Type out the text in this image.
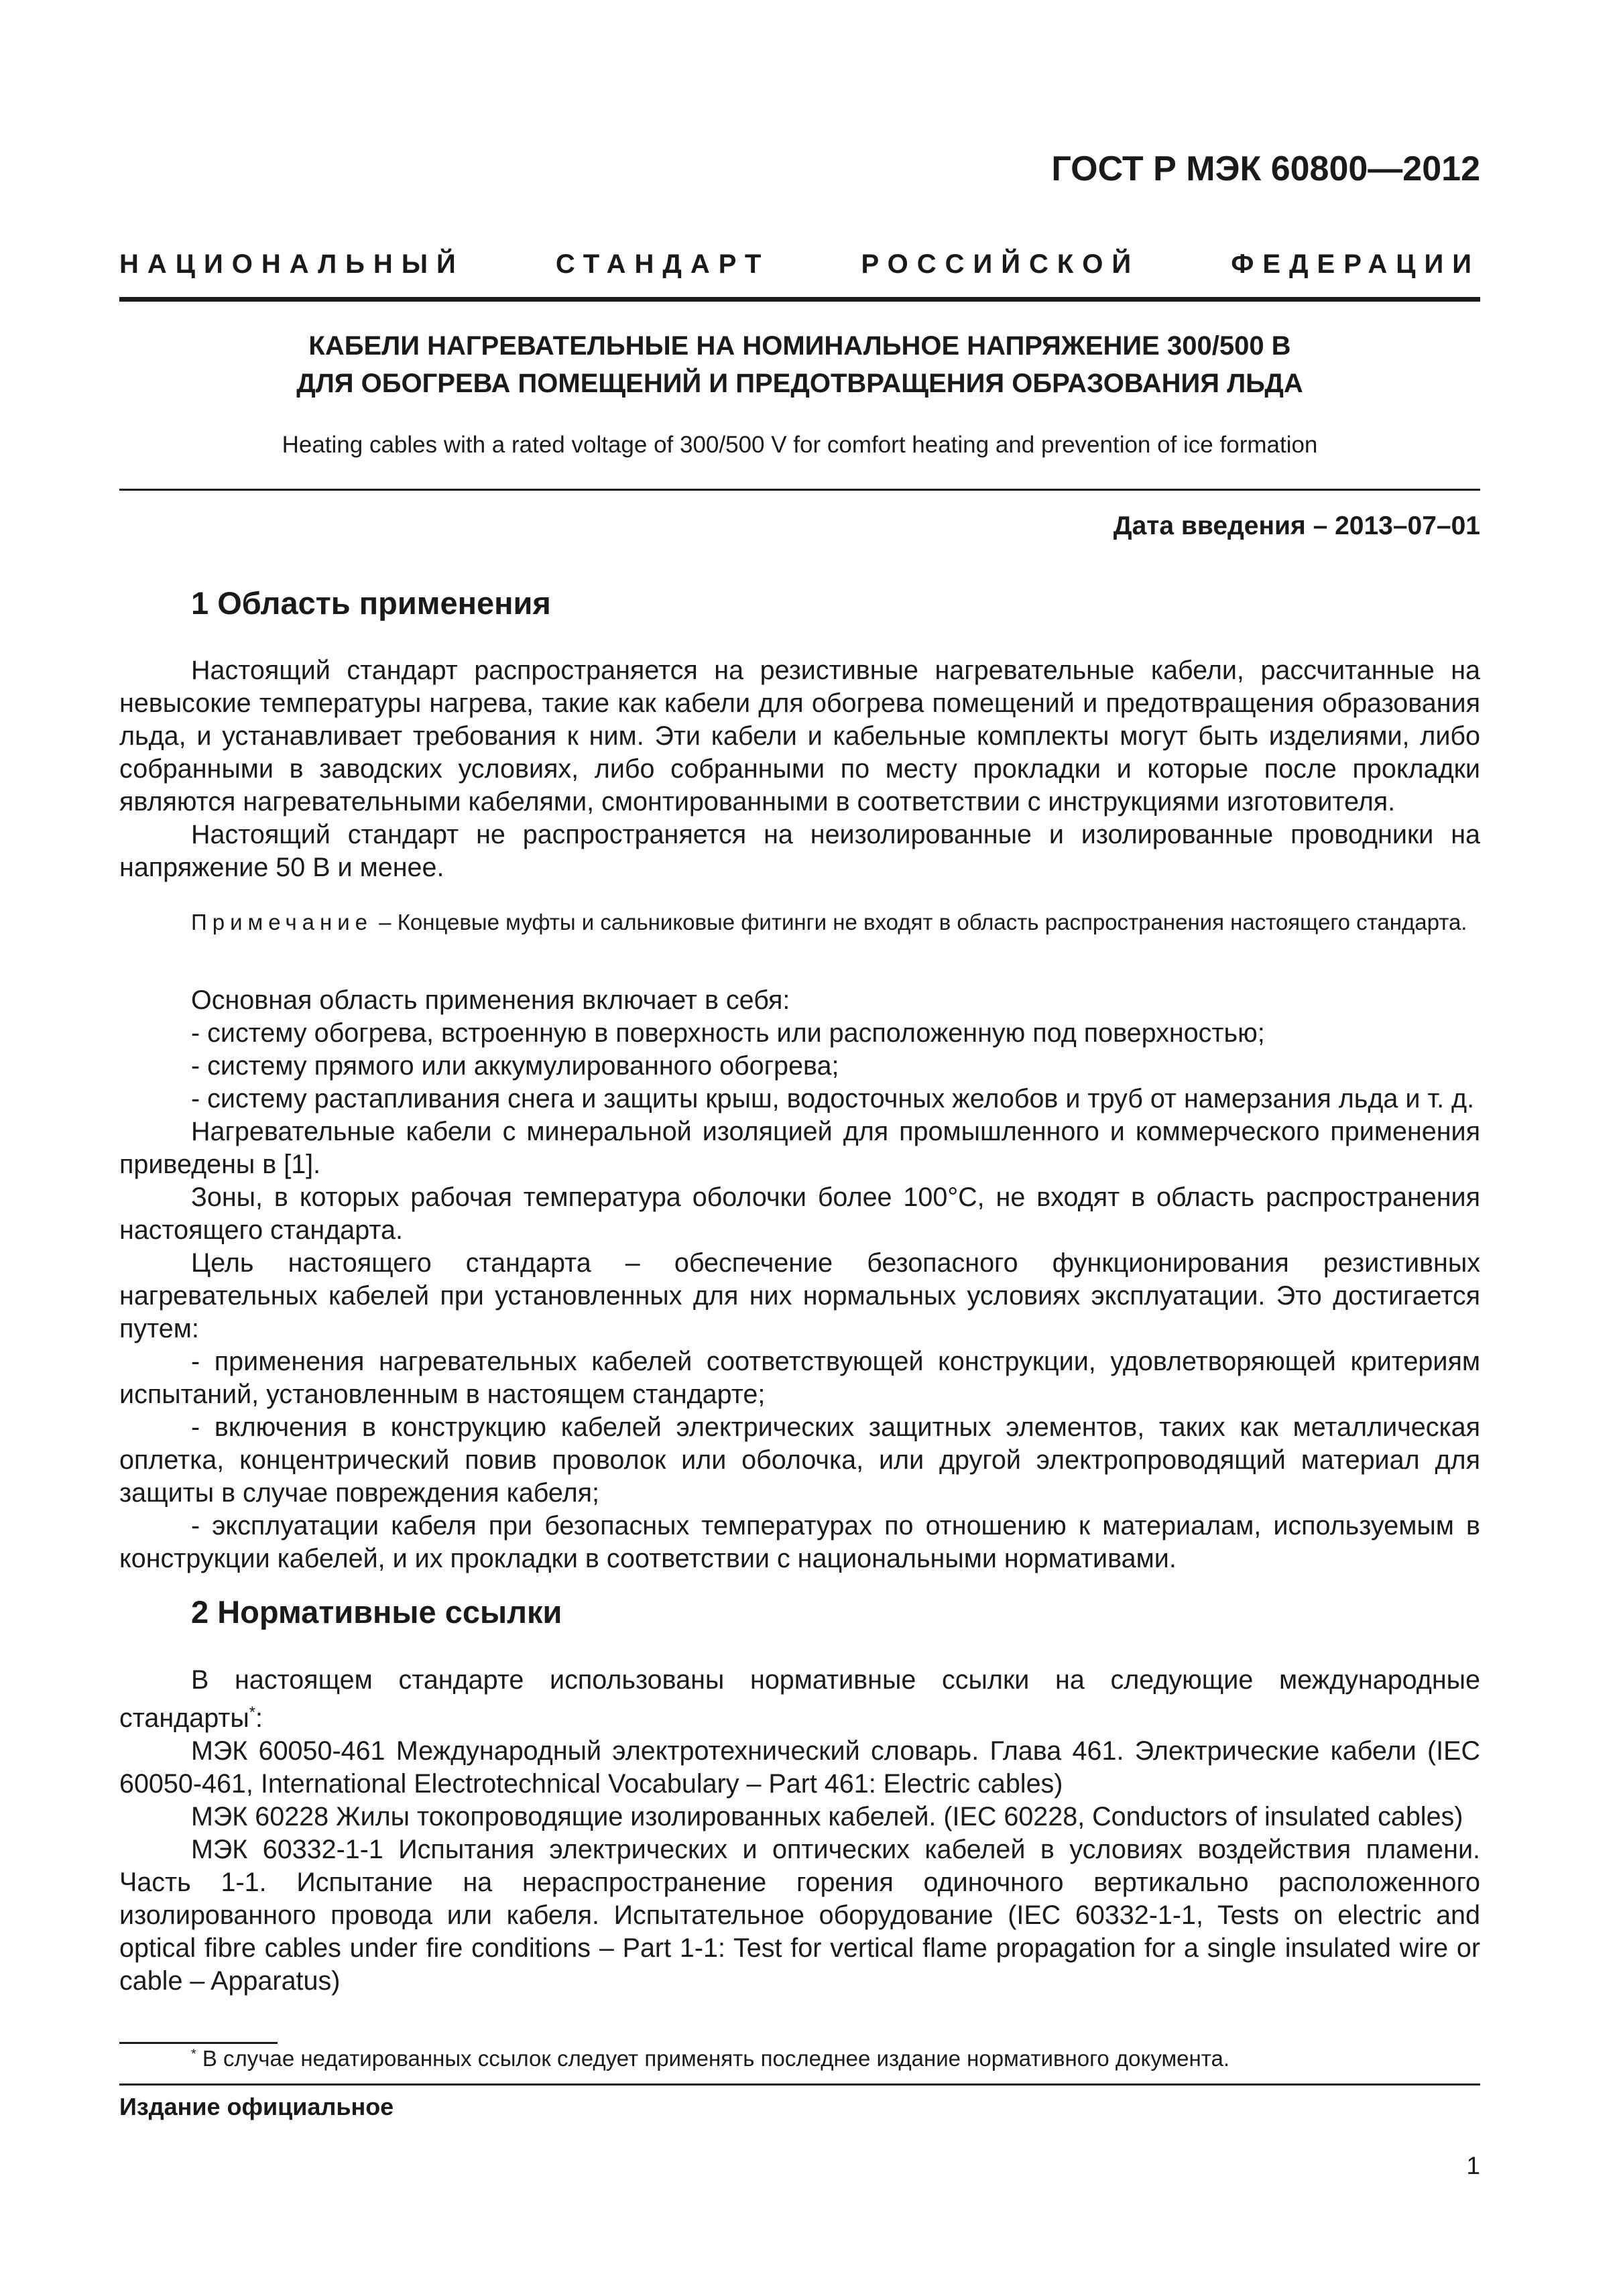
ГОСТ Р МЭК 60800—2012
НАЦИОНАЛЬНЫЙ СТАНДАРТ РОССИЙСКОЙ ФЕДЕРАЦИИ
КАБЕЛИ НАГРЕВАТЕЛЬНЫЕ НА НОМИНАЛЬНОЕ НАПРЯЖЕНИЕ 300/500 В
ДЛЯ ОБОГРЕВА ПОМЕЩЕНИЙ И ПРЕДОТВРАЩЕНИЯ ОБРАЗОВАНИЯ ЛЬДА
Heating cables with a rated voltage of 300/500 V for comfort heating and prevention of ice formation
Дата введения – 2013–07–01
1 Область применения

Настоящий стандарт распространяется на резистивные нагревательные кабели, рассчитанные на невысокие температуры нагрева, такие как кабели для обогрева помещений и предотвращения образования льда, и устанавливает требования к ним. Эти кабели и кабельные комплекты могут быть изделиями, либо собранными в заводских условиях, либо собранными по месту прокладки и которые после прокладки являются нагревательными кабелями, смонтированными в соответствии с инструкциями изготовителя.

Настоящий стандарт не распространяется на неизолированные и изолированные проводники на напряжение 50 В и менее.

Примечание – Концевые муфты и сальниковые фитинги не входят в область распространения настоящего стандарта.

Основная область применения включает в себя:

- систему обогрева, встроенную в поверхность или расположенную под поверхностью;

- систему прямого или аккумулированного обогрева;

- систему растапливания снега и защиты крыш, водосточных желобов и труб от намерзания льда и т. д.

Нагревательные кабели с минеральной изоляцией для промышленного и коммерческого применения приведены в [1].

Зоны, в которых рабочая температура оболочки более 100°С, не входят в область распространения настоящего стандарта.

Цель настоящего стандарта – обеспечение безопасного функционирования резистивных нагревательных кабелей при установленных для них нормальных условиях эксплуатации. Это достигается путем:

- применения нагревательных кабелей соответствующей конструкции, удовлетворяющей критериям испытаний, установленным в настоящем стандарте;

- включения в конструкцию кабелей электрических защитных элементов, таких как металлическая оплетка, концентрический повив проволок или оболочка, или другой электропроводящий материал для защиты в случае повреждения кабеля;

- эксплуатации кабеля при безопасных температурах по отношению к материалам, используемым в конструкции кабелей, и их прокладки в соответствии с национальными нормативами.

2 Нормативные ссылки

В настоящем стандарте использованы нормативные ссылки на следующие международные стандарты*:

МЭК 60050-461 Международный электротехнический словарь. Глава 461. Электрические кабели (IEC 60050-461, International Electrotechnical Vocabulary – Part 461: Electric cables)

МЭК 60228 Жилы токопроводящие изолированных кабелей. (IEC 60228, Conductors of insulated cables)

МЭК 60332-1-1 Испытания электрических и оптических кабелей в условиях воздействия пламени. Часть 1-1. Испытание на нераспространение горения одиночного вертикально расположенного изолированного провода или кабеля. Испытательное оборудование (IEC 60332-1-1, Tests on electric and optical fibre cables under fire conditions – Part 1-1: Test for vertical flame propagation for a single insulated wire or cable – Apparatus)

* В случае недатированных ссылок следует применять последнее издание нормативного документа.
Издание официальное
1
